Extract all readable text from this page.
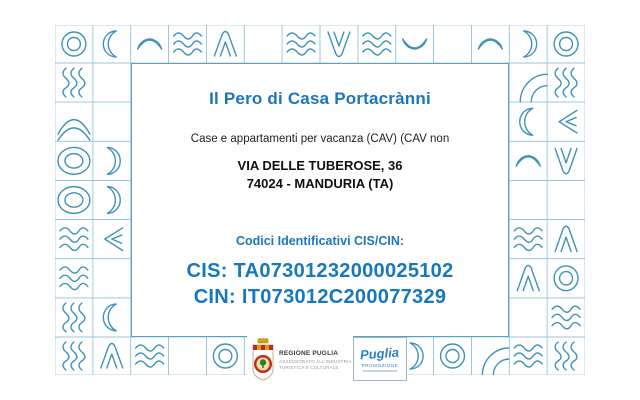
Il Pero di Casa Portacrànni
Case e appartamenti per vacanza (CAV) (CAV non
VIA DELLE TUBEROSE, 36
74024 - MANDURIA (TA)
Codici Identificativi CIS/CIN:
CIS: TA07301232000025102
CIN: IT073012C200077329
REGIONE PUGLIA
ASSESSORATO ALL'INDUSTRIA
TURISTICA E CULTURALE
Puglia
PROMOZIONE
